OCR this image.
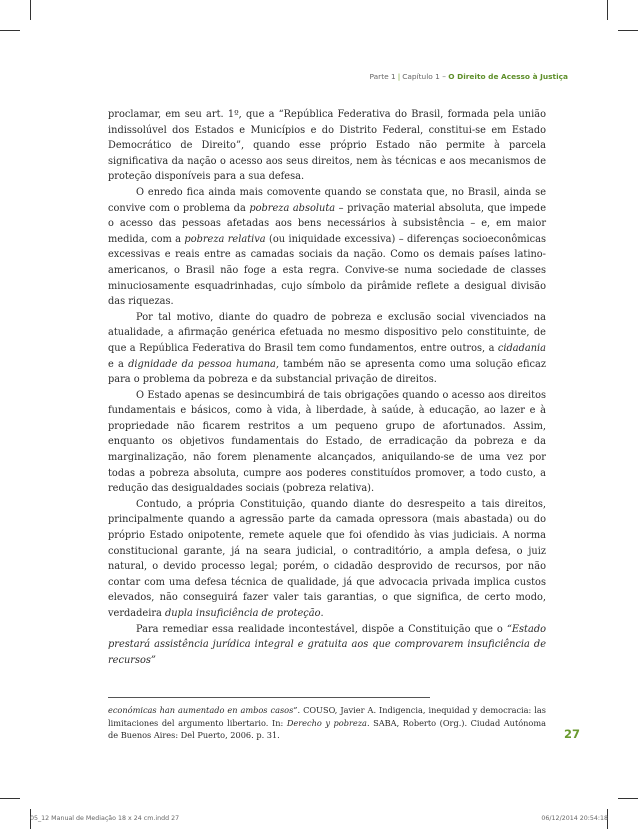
Parte 1 | Capítulo 1 – O Direito de Acesso à Justiça

proclamar, em seu art. 1º, que a “República Federativa do Brasil, formada pela união indissolúvel dos Estados e Municípios e do Distrito Federal, constitui-se em Estado Democrático de Direito”, quando esse próprio Estado não permite à parcela significativa da nação o acesso aos seus direitos, nem às técnicas e aos mecanismos de proteção disponíveis para a sua defesa.

O enredo fica ainda mais comovente quando se constata que, no Brasil, ainda se convive com o problema da pobreza absoluta – privação material absoluta, que impede o acesso das pessoas afetadas aos bens necessários à subsistência – e, em maior medida, com a pobreza relativa (ou iniquidade excessiva) – diferenças socioeconômicas excessivas e reais entre as camadas sociais da nação. Como os demais países latino-americanos, o Brasil não foge a esta regra. Convive-se numa sociedade de classes minuciosamente esquadrinhadas, cujo símbolo da pirâmide reflete a desigual divisão das riquezas.

Por tal motivo, diante do quadro de pobreza e exclusão social vivenciados na atualidade, a afirmação genérica efetuada no mesmo dispositivo pelo constituinte, de que a República Federativa do Brasil tem como fundamentos, entre outros, a cidadania e a dignidade da pessoa humana, também não se apresenta como uma solução eficaz para o problema da pobreza e da substancial privação de direitos.

O Estado apenas se desincumbirá de tais obrigações quando o acesso aos direitos fundamentais e básicos, como à vida, à liberdade, à saúde, à educação, ao lazer e à propriedade não ficarem restritos a um pequeno grupo de afortunados. Assim, enquanto os objetivos fundamentais do Estado, de erradicação da pobreza e da marginalização, não forem plenamente alcançados, aniquilando-se de uma vez por todas a pobreza absoluta, cumpre aos poderes constituídos promover, a todo custo, a redução das desigualdades sociais (pobreza relativa).

Contudo, a própria Constituição, quando diante do desrespeito a tais direitos, principalmente quando a agressão parte da camada opressora (mais abastada) ou do próprio Estado onipotente, remete aquele que foi ofendido às vias judiciais. A norma constitucional garante, já na seara judicial, o contraditório, a ampla defesa, o juiz natural, o devido processo legal; porém, o cidadão desprovido de recursos, por não contar com uma defesa técnica de qualidade, já que advocacia privada implica custos elevados, não conseguirá fazer valer tais garantias, o que significa, de certo modo, verdadeira dupla insuficiência de proteção.

Para remediar essa realidade incontestável, dispõe a Constituição que o “Estado prestará assistência jurídica integral e gratuita aos que comprovarem insuficiência de recursos”

económicas han aumentado en ambos casos”. COUSO, Javier A. Indigencia, inequidad y democracia: las limitaciones del argumento libertario. In: Derecho y pobreza. SABA, Roberto (Org.). Ciudad Autónoma de Buenos Aires: Del Puerto, 2006. p. 31.	27
05_12 Manual de Mediação 18 x 24 cm.indd 27	06/12/2014 20:54:18
